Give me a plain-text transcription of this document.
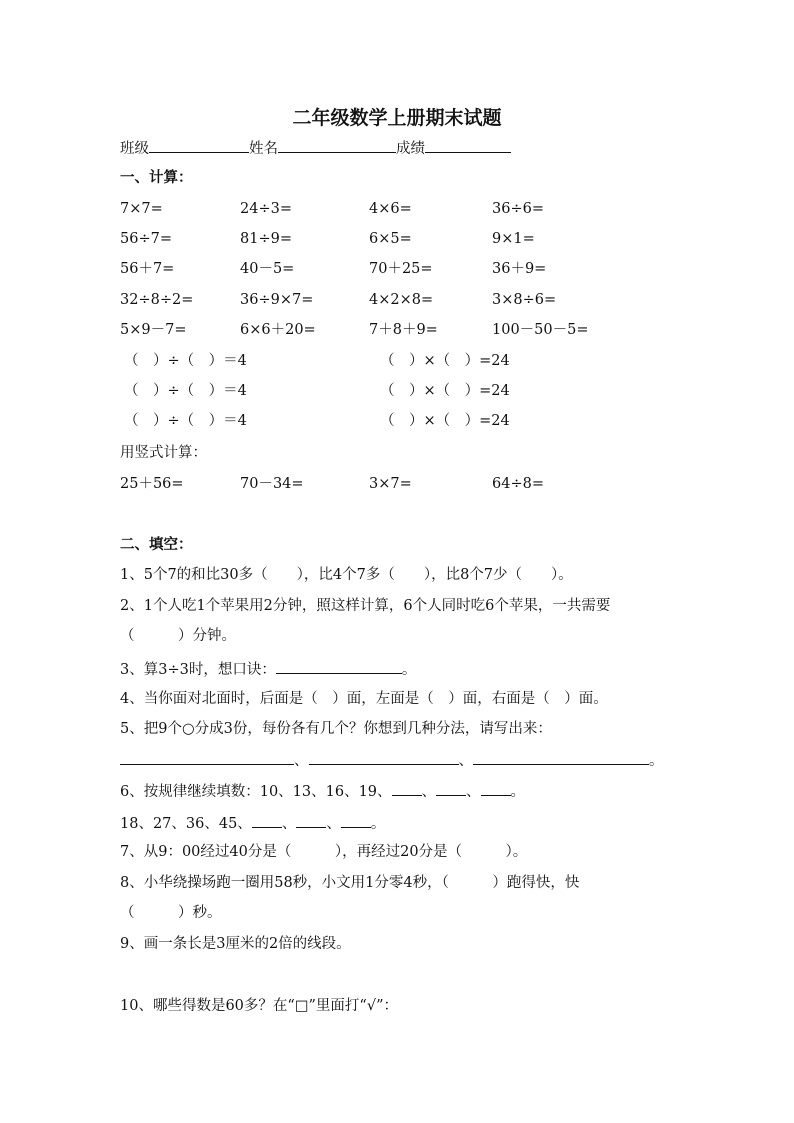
二年级数学上册期末试题
班级	姓名	成绩
一、计算：
7×7=	24÷3=	4×6=	36÷6=
56÷7=	81÷9=	6×5=	9×1=
56＋7=	40－5=	70＋25=	36＋9=
32÷8÷2=	36÷9×7=	4×2×8=	3×8÷6=
5×9－7=	6×6＋20=	7＋8＋9=	100－50－5=
（　）÷（　）＝4	（　）×（　）=24
（　）÷（　）＝4	（　）×（　）=24
（　）÷（　）＝4	（　）×（　）=24
用竖式计算：
25＋56=	70－34=	3×7=	64÷8=
二、填空：
1、5个7的和比30多（　　），比4个7多（　　），比8个7少（　　）。
2、1个人吃1个苹果用2分钟，照这样计算，6个人同时吃6个苹果，一共需要
（　　　）分钟。
3、算3÷3时，想口诀：	。
4、当你面对北面时，后面是（　）面，左面是（　）面，右面是（　）面。
5、把9个○分成3份，每份各有几个？你想到几种分法，请写出来：
、	、	。
6、按规律继续填数：10、13、16、19、 、 、 。
18、27、36、45、 、 、 。
7、从9：00经过40分是（　　　），再经过20分是（　　　）。
8、小华绕操场跑一圈用58秒，小文用1分零4秒，（　　　）跑得快，快
（　　　）秒。
9、画一条长是3厘米的2倍的线段。
10、哪些得数是60多？在“□”里面打“√”：
